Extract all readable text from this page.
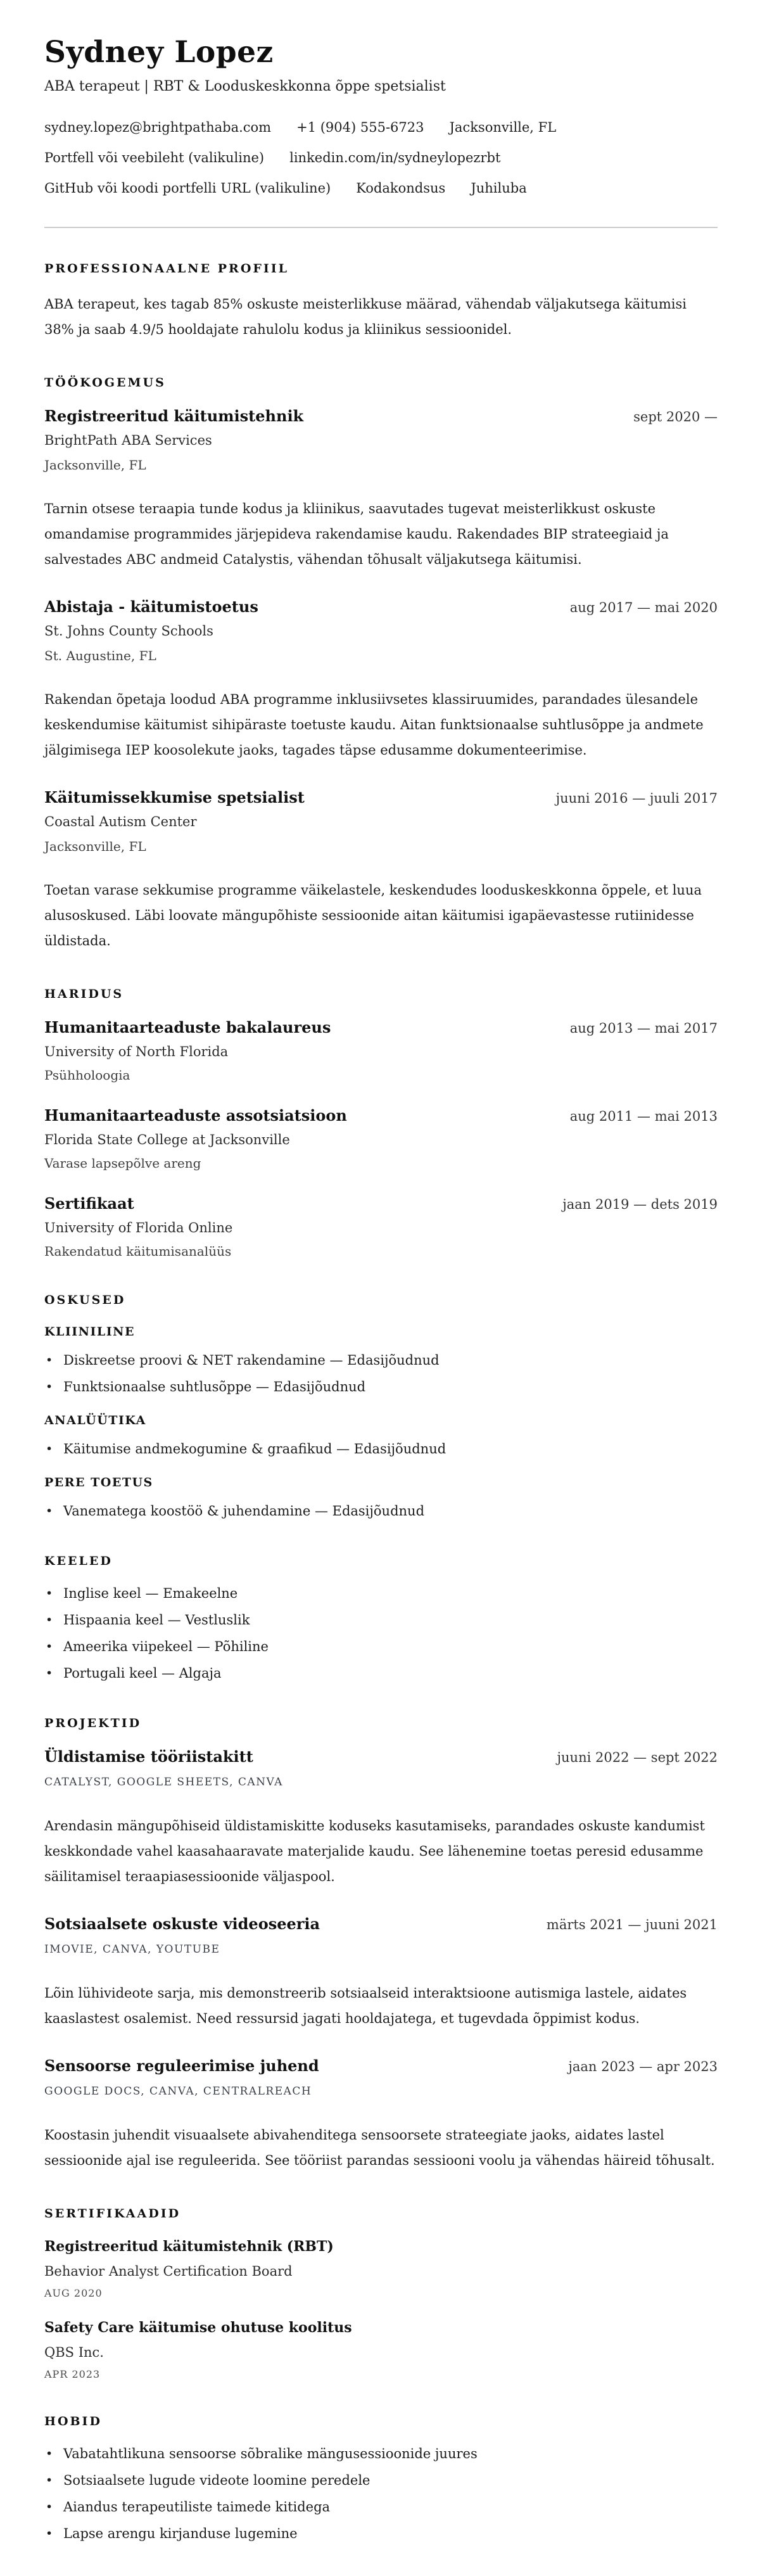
Sydney Lopez
ABA terapeut | RBT & Looduskeskkonna õppe spetsialist
sydney.lopez@brightpathaba.com +1 (904) 555-6723 Jacksonville, FL
Portfell või veebileht (valikuline) linkedin.com/in/sydneylopezrbt
GitHub või koodi portfelli URL (valikuline) Kodakondsus Juhiluba
PROFESSIONAALNE PROFIIL

ABA terapeut, kes tagab 85% oskuste meisterlikkuse määrad, vähendab väljakutsega käitumisi 38% ja saab 4.9/5 hooldajate rahulolu kodus ja kliinikus sessioonidel.

TÖÖKOGEMUS
Registreeritud käitumistehnik	sept 2020 —
BrightPath ABA Services
Jacksonville, FL

Tarnin otsese teraapia tunde kodus ja kliinikus, saavutades tugevat meisterlikkust oskuste omandamise programmides järjepideva rakendamise kaudu. Rakendades BIP strateegiaid ja salvestades ABC andmeid Catalystis, vähendan tõhusalt väljakutsega käitumisi.

Abistaja - käitumistoetus	aug 2017 — mai 2020
St. Johns County Schools
St. Augustine, FL

Rakendan õpetaja loodud ABA programme inklusiivsetes klassiruumides, parandades ülesandele keskendumise käitumist sihipäraste toetuste kaudu. Aitan funktsionaalse suhtlusõppe ja andmete jälgimisega IEP koosolekute jaoks, tagades täpse edusamme dokumenteerimise.

Käitumissekkumise spetsialist	juuni 2016 — juuli 2017
Coastal Autism Center
Jacksonville, FL

Toetan varase sekkumise programme väikelastele, keskendudes looduskeskkonna õppele, et luua alusoskused. Läbi loovate mängupõhiste sessioonide aitan käitumisi igapäevastesse rutiinidesse üldistada.

HARIDUS
Humanitaarteaduste bakalaureus	aug 2013 — mai 2017
University of North Florida
Psühholoogia
Humanitaarteaduste assotsiatsioon	aug 2011 — mai 2013
Florida State College at Jacksonville
Varase lapsepõlve areng
Sertifikaat	jaan 2019 — dets 2019
University of Florida Online
Rakendatud käitumisanalüüs
OSKUSED
KLIINILINE
• Diskreetse proovi & NET rakendamine — Edasijõudnud
• Funktsionaalse suhtlusõppe — Edasijõudnud
ANALÜÜTIKA
• Käitumise andmekogumine & graafikud — Edasijõudnud
PERE TOETUS
• Vanematega koostöö & juhendamine — Edasijõudnud
KEELED
• Inglise keel — Emakeelne
• Hispaania keel — Vestluslik
• Ameerika viipekeel — Põhiline
• Portugali keel — Algaja
PROJEKTID
Üldistamise tööriistakitt	juuni 2022 — sept 2022
CATALYST, GOOGLE SHEETS, CANVA

Arendasin mängupõhiseid üldistamiskitte koduseks kasutamiseks, parandades oskuste kandumist keskkondade vahel kaasahaaravate materjalide kaudu. See lähenemine toetas peresid edusamme säilitamisel teraapiasessioonide väljaspool.

Sotsiaalsete oskuste videoseeria	märts 2021 — juuni 2021
IMOVIE, CANVA, YOUTUBE

Lõin lühivideote sarja, mis demonstreerib sotsiaalseid interaktsioone autismiga lastele, aidates kaaslastest osalemist. Need ressursid jagati hooldajatega, et tugevdada õppimist kodus.

Sensoorse reguleerimise juhend	jaan 2023 — apr 2023
GOOGLE DOCS, CANVA, CENTRALREACH

Koostasin juhendit visuaalsete abivahenditega sensoorsete strateegiate jaoks, aidates lastel sessioonide ajal ise reguleerida. See tööriist parandas sessiooni voolu ja vähendas häireid tõhusalt.

SERTIFIKAADID
Registreeritud käitumistehnik (RBT)
Behavior Analyst Certification Board
AUG 2020
Safety Care käitumise ohutuse koolitus
QBS Inc.
APR 2023
HOBID
• Vabatahtlikuna sensoorse sõbralike mängusessioonide juures
• Sotsiaalsete lugude videote loomine peredele
• Aiandus terapeutiliste taimede kitidega
• Lapse arengu kirjanduse lugemine
